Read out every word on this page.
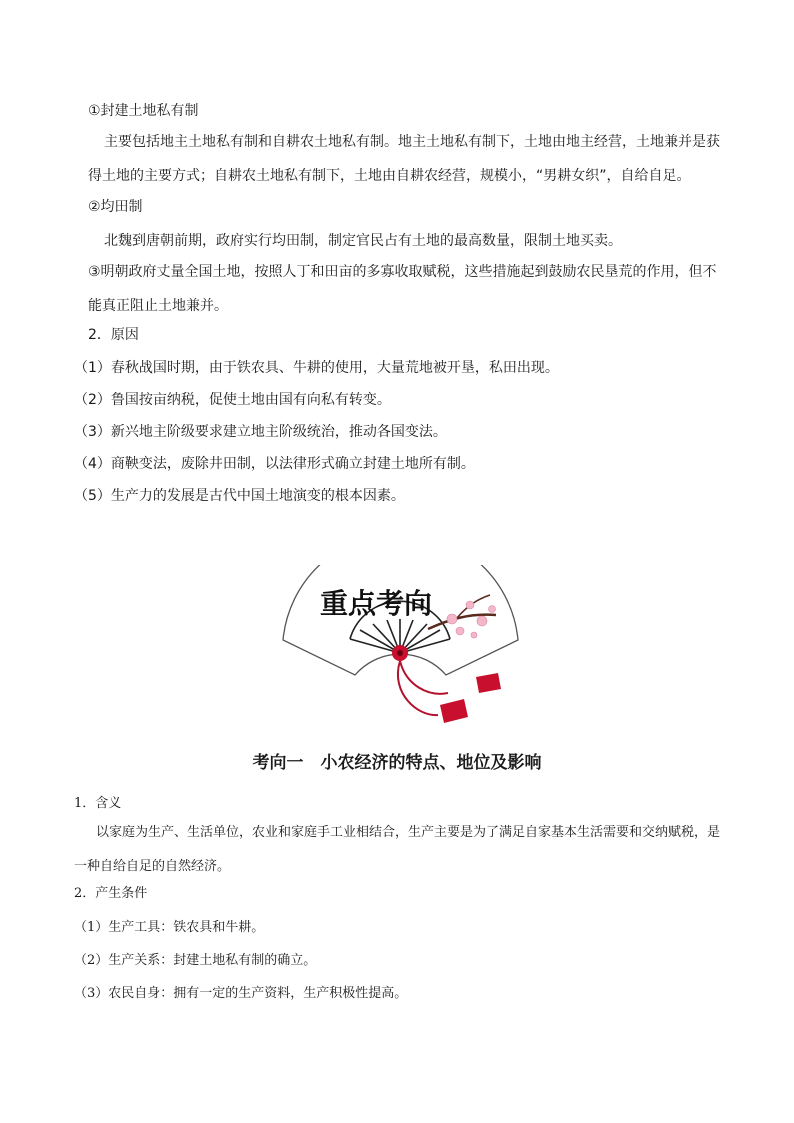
①封建土地私有制
主要包括地主土地私有制和自耕农土地私有制。地主土地私有制下，土地由地主经营，土地兼并是获得土地的主要方式；自耕农土地私有制下，土地由自耕农经营，规模小，“男耕女织”，自给自足。
②均田制
北魏到唐朝前期，政府实行均田制，制定官民占有土地的最高数量，限制土地买卖。
③明朝政府丈量全国土地，按照人丁和田亩的多寡收取赋税，这些措施起到鼓励农民垦荒的作用，但不能真正阻止土地兼并。
2．原因
（1）春秋战国时期，由于铁农具、牛耕的使用，大量荒地被开垦，私田出现。
（2）鲁国按亩纳税，促使土地由国有向私有转变。
（3）新兴地主阶级要求建立地主阶级统治，推动各国变法。
（4）商鞅变法，废除井田制，以法律形式确立封建土地所有制。
（5）生产力的发展是古代中国土地演变的根本因素。
重点考向
考向一　小农经济的特点、地位及影响
1．含义
以家庭为生产、生活单位，农业和家庭手工业相结合，生产主要是为了满足自家基本生活需要和交纳赋税，是一种自给自足的自然经济。
2．产生条件
（1）生产工具：铁农具和牛耕。
（2）生产关系：封建土地私有制的确立。
（3）农民自身：拥有一定的生产资料，生产积极性提高。
